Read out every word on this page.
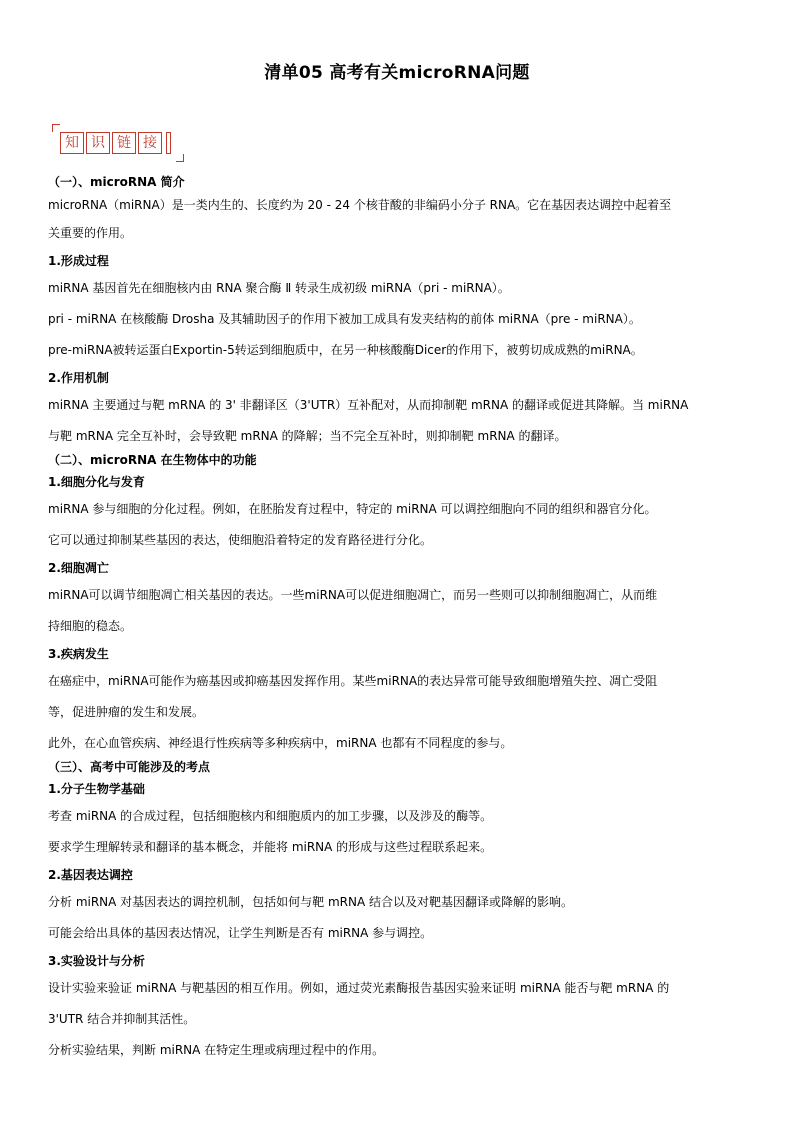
清单05 高考有关microRNA问题
知 识 链 接
（一）、microRNA 简介
microRNA（miRNA）是一类内生的、长度约为 20 - 24 个核苷酸的非编码小分子 RNA。它在基因表达调控中起着至
关重要的作用。
1.形成过程
miRNA 基因首先在细胞核内由 RNA 聚合酶 Ⅱ 转录生成初级 miRNA（pri - miRNA）。
pri - miRNA 在核酸酶 Drosha 及其辅助因子的作用下被加工成具有发夹结构的前体 miRNA（pre - miRNA）。
pre-miRNA被转运蛋白Exportin-5转运到细胞质中，在另一种核酸酶Dicer的作用下，被剪切成成熟的miRNA。
2.作用机制
miRNA 主要通过与靶 mRNA 的 3' 非翻译区（3'UTR）互补配对，从而抑制靶 mRNA 的翻译或促进其降解。当 miRNA
与靶 mRNA 完全互补时，会导致靶 mRNA 的降解；当不完全互补时，则抑制靶 mRNA 的翻译。
（二）、microRNA 在生物体中的功能
1.细胞分化与发育
miRNA 参与细胞的分化过程。例如，在胚胎发育过程中，特定的 miRNA 可以调控细胞向不同的组织和器官分化。
它可以通过抑制某些基因的表达，使细胞沿着特定的发育路径进行分化。
2.细胞凋亡
miRNA可以调节细胞凋亡相关基因的表达。一些miRNA可以促进细胞凋亡，而另一些则可以抑制细胞凋亡，从而维
持细胞的稳态。
3.疾病发生
在癌症中，miRNA可能作为癌基因或抑癌基因发挥作用。某些miRNA的表达异常可能导致细胞增殖失控、凋亡受阻
等，促进肿瘤的发生和发展。
此外，在心血管疾病、神经退行性疾病等多种疾病中，miRNA 也都有不同程度的参与。
（三）、高考中可能涉及的考点
1.分子生物学基础
考查 miRNA 的合成过程，包括细胞核内和细胞质内的加工步骤，以及涉及的酶等。
要求学生理解转录和翻译的基本概念，并能将 miRNA 的形成与这些过程联系起来。
2.基因表达调控
分析 miRNA 对基因表达的调控机制，包括如何与靶 mRNA 结合以及对靶基因翻译或降解的影响。
可能会给出具体的基因表达情况，让学生判断是否有 miRNA 参与调控。
3.实验设计与分析
设计实验来验证 miRNA 与靶基因的相互作用。例如，通过荧光素酶报告基因实验来证明 miRNA 能否与靶 mRNA 的
3'UTR 结合并抑制其活性。
分析实验结果，判断 miRNA 在特定生理或病理过程中的作用。
